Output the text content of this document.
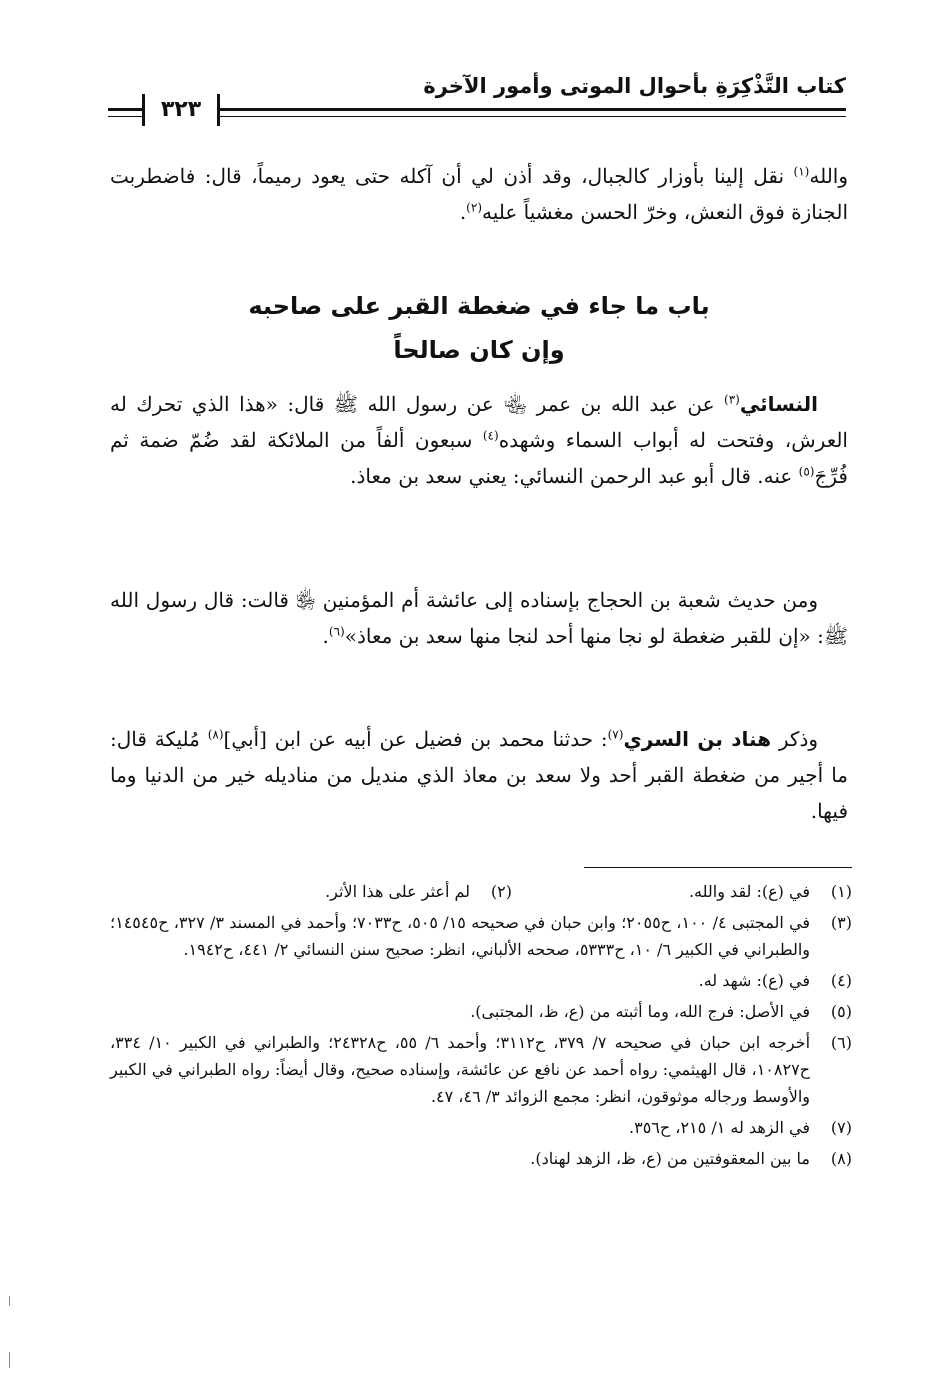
كتاب التَّذْكِرَةِ بأحوال الموتى وأمور الآخرة
٣٢٣

والله$^{(١)}$ نقل إلينا بأوزار كالجبال، وقد أذن لي أن آكله حتى يعود رميماً، قال: فاضطربت الجنازة فوق النعش، وخرّ الحسن مغشياً عليه$^{(٢)}$.

باب ما جاء في ضغطة القبر على صاحبه
وإن كان صالحاً

النسائي$^{(٣)}$ عن عبد الله بن عمر ﵄ عن رسول الله ﷺ قال: «هذا الذي تحرك له العرش، وفتحت له أبواب السماء وشهده$^{(٤)}$ سبعون ألفاً من الملائكة لقد ضُمّ ضمة ثم فُرِّجَ$^{(٥)}$ عنه. قال أبو عبد الرحمن النسائي: يعني سعد بن معاذ.

ومن حديث شعبة بن الحجاج بإسناده إلى عائشة أم المؤمنين ﵂ قالت: قال رسول الله ﷺ: «إن للقبر ضغطة لو نجا منها أحد لنجا منها سعد بن معاذ»$^{(٦)}$.

وذكر هناد بن السري$^{(٧)}$: حدثنا محمد بن فضيل عن أبيه عن ابن [أبي]$^{(٨)}$ مُليكة قال: ما أجير من ضغطة القبر أحد ولا سعد بن معاذ الذي منديل من مناديله خير من الدنيا وما فيها.

(١)
في (ع): لقد والله.
(٢)
لم أعثر على هذا الأثر.
(٣)
في المجتبى ٤/ ١٠٠، ح٢٠٥٥؛ وابن حبان في صحيحه ١٥/ ٥٠٥، ح٧٠٣٣؛ وأحمد في المسند ٣/ ٣٢٧، ح١٤٥٤٥؛ والطبراني في الكبير ٦/ ١٠، ح٥٣٣٣، صححه الألباني، انظر: صحيح سنن النسائي ٢/ ٤٤١، ح١٩٤٢.
(٤)
في (ع): شهد له.
(٥)
في الأصل: فرج الله، وما أثبته من (ع، ظ، المجتبى).
(٦)
أخرجه ابن حبان في صحيحه ٧/ ٣٧٩، ح٣١١٢؛ وأحمد ٦/ ٥٥، ح٢٤٣٢٨؛ والطبراني في الكبير ١٠/ ٣٣٤، ح١٠٨٢٧، قال الهيثمي: رواه أحمد عن نافع عن عائشة، وإسناده صحيح، وقال أيضاً: رواه الطبراني في الكبير والأوسط ورجاله موثوقون، انظر: مجمع الزوائد ٣/ ٤٦، ٤٧.
(٧)
في الزهد له ١/ ٢١٥، ح٣٥٦.
(٨)
ما بين المعقوفتين من (ع، ظ، الزهد لهناد).
